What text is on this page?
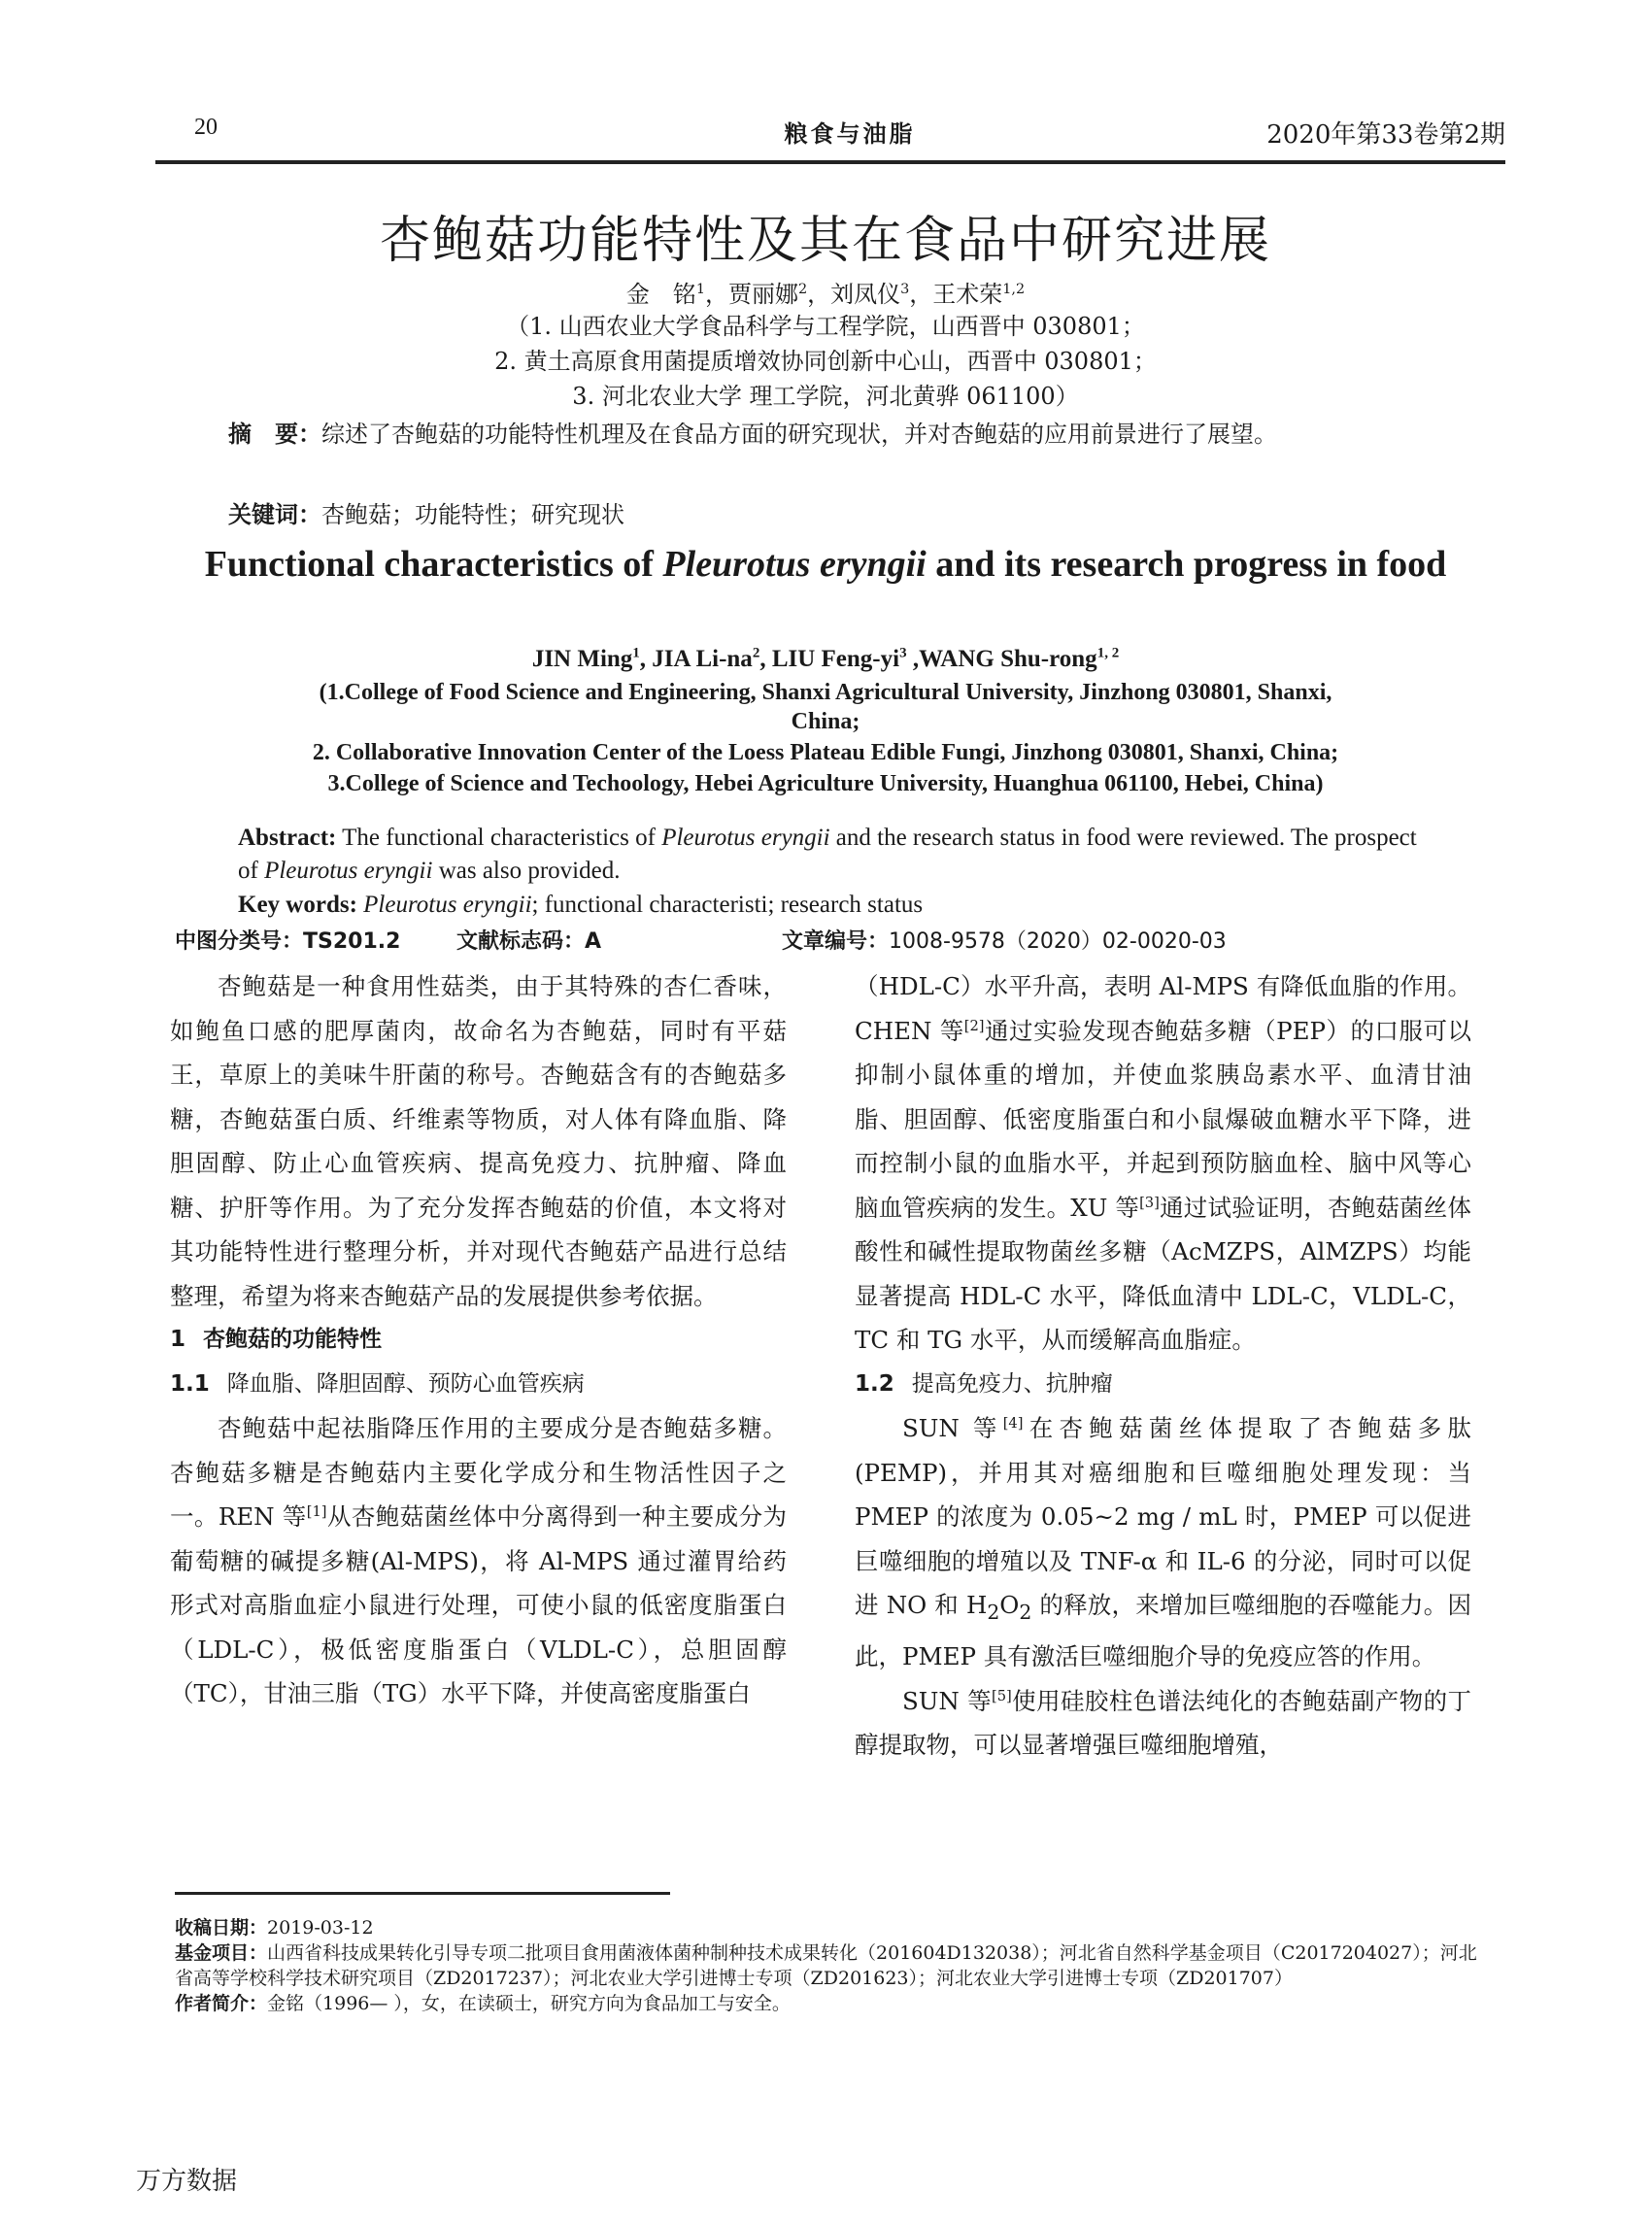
20	粮食与油脂	2020年第33卷第2期
杏鲍菇功能特性及其在食品中研究进展
金　铭$^1$，贾丽娜$^2$，刘凤仪$^3$，王术荣$^{1,2}$
（1. 山西农业大学食品科学与工程学院，山西晋中 030801；
2. 黄土高原食用菌提质增效协同创新中心山，西晋中 030801；
3. 河北农业大学 理工学院，河北黄骅 061100）
摘　要：综述了杏鲍菇的功能特性机理及在食品方面的研究现状，并对杏鲍菇的应用前景进行了展望。
关键词：杏鲍菇；功能特性；研究现状
Functional characteristics of Pleurotus eryngii and its research progress in food
JIN Ming$^1$, JIA $Li-na^2$, LIU Feng-$yi^3$ ,WANG Shu-rong$^{1, 2}$
(1.College of Food Science and Engineering, Shanxi Agricultural University, Jinzhong 030801, Shanxi,
China;
2. Collaborative Innovation Center of the Loess Plateau Edible Fungi, Jinzhong 030801, Shanxi, China;
3.College of Science and Techoology, Hebei Agriculture University, Huanghua 061100, Hebei, China)
Abstract: The functional characteristics of Pleurotus eryngii and the research status in food were reviewed. The prospect of Pleurotus eryngii was also provided.
Key words: Pleurotus eryngii; functional characteristi; research status
中图分类号：TS201.2	文献标志码：A	文章编号： 1008-9578（2020）02-0020-03

杏鲍菇是一种食用性菇类，由于其特殊的杏仁香味，如鲍鱼口感的肥厚菌肉，故命名为杏鲍菇，同时有平菇王，草原上的美味牛肝菌的称号。杏鲍菇含有的杏鲍菇多糖，杏鲍菇蛋白质、纤维素等物质，对人体有降血脂、降胆固醇、防止心血管疾病、提高免疫力、抗肿瘤、降血糖、护肝等作用。为了充分发挥杏鲍菇的价值，本文将对其功能特性进行整理分析，并对现代杏鲍菇产品进行总结整理，希望为将来杏鲍菇产品的发展提供参考依据。

1 杏鲍菇的功能特性
1.1 降血脂、降胆固醇、预防心血管疾病

杏鲍菇中起祛脂降压作用的主要成分是杏鲍菇多糖。杏鲍菇多糖是杏鲍菇内主要化学成分和生物活性因子之一。REN 等[1]从杏鲍菇菌丝体中分离得到一种主要成分为葡萄糖的碱提多糖(Al-MPS)，将 Al-MPS 通过灌胃给药形式对高脂血症小鼠进行处理，可使小鼠的低密度脂蛋白（LDL-C），极低密度脂蛋白（VLDL-C），总胆固醇（TC），甘油三脂（TG）水平下降，并使高密度脂蛋白

（HDL-C）水平升高，表明 Al-MPS 有降低血脂的作用。CHEN 等[2]通过实验发现杏鲍菇多糖（PEP）的口服可以抑制小鼠体重的增加，并使血浆胰岛素水平、血清甘油脂、胆固醇、低密度脂蛋白和小鼠爆破血糖水平下降，进而控制小鼠的血脂水平，并起到预防脑血栓、脑中风等心脑血管疾病的发生。XU 等[3]通过试验证明，杏鲍菇菌丝体酸性和碱性提取物菌丝多糖（AcMZPS，AlMZPS）均能显著提高 HDL-C 水平，降低血清中 LDL-C，VLDL-C，TC 和 TG 水平，从而缓解高血脂症。

1.2 提高免疫力、抗肿瘤

SUN 等[4]在杏鲍菇菌丝体提取了杏鲍菇多肽(PEMP)，并用其对癌细胞和巨噬细胞处理发现：当 PMEP 的浓度为 0.05~2 mg / mL 时，PMEP 可以促进巨噬细胞的增殖以及 TNF-α 和 IL-6 的分泌，同时可以促进 NO 和 $H_2O_2$ 的释放，来增加巨噬细胞的吞噬能力。因此，PMEP 具有激活巨噬细胞介导的免疫应答的作用。

SUN 等[5]使用硅胶柱色谱法纯化的杏鲍菇副产物的丁醇提取物，可以显著增强巨噬细胞增殖，

收稿日期：2019-03-12

基金项目：山西省科技成果转化引导专项二批项目食用菌液体菌种制种技术成果转化（201604D132038）；河北省自然科学基金项目（C2017204027）；河北省高等学校科学技术研究项目（ZD2017237）；河北农业大学引进博士专项（ZD201623）；河北农业大学引进博士专项（ZD201707）

作者简介：金铭（1996— ），女，在读硕士，研究方向为食品加工与安全。

万方数据
